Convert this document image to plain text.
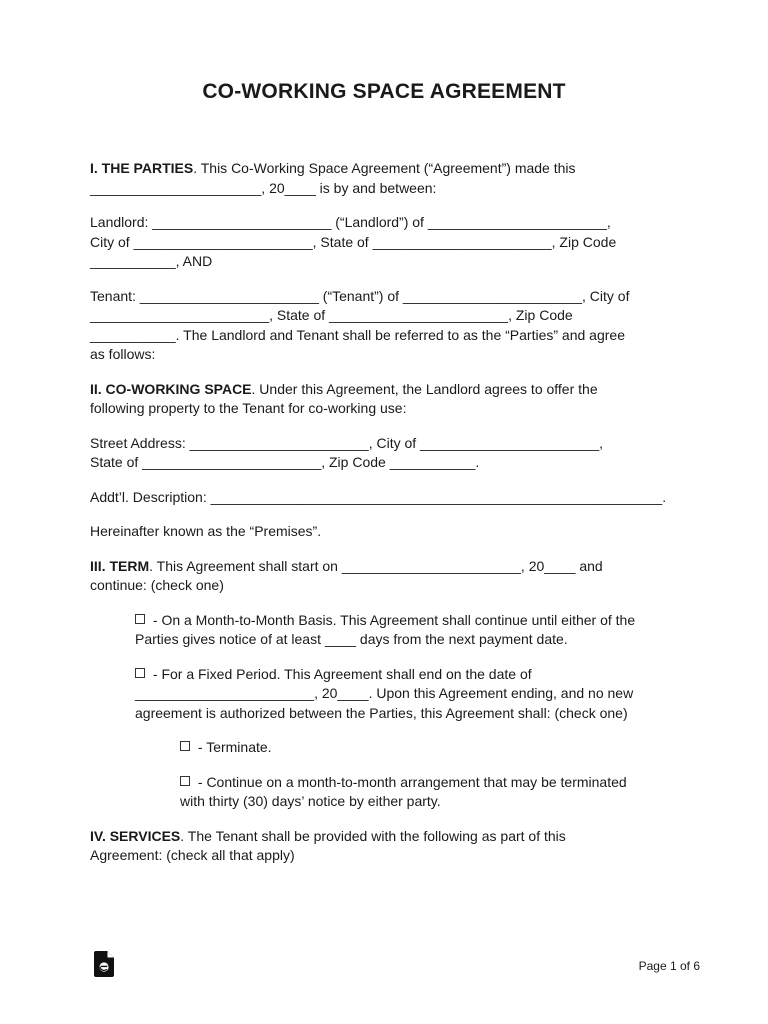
CO-WORKING SPACE AGREEMENT
I. THE PARTIES. This Co-Working Space Agreement (“Agreement”) made this
______________________, 20____ is by and between:
Landlord: _______________________ (“Landlord”) of _______________________,
City of _______________________, State of _______________________, Zip Code
___________, AND
Tenant: _______________________ (“Tenant”) of _______________________, City of
_______________________, State of _______________________, Zip Code
___________. The Landlord and Tenant shall be referred to as the “Parties” and agree
as follows:
II. CO-WORKING SPACE. Under this Agreement, the Landlord agrees to offer the
following property to the Tenant for co-working use:
Street Address: _______________________, City of _______________________,
State of _______________________, Zip Code ___________.
Addt’l. Description: __________________________________________________________.
Hereinafter known as the “Premises”.
III. TERM. This Agreement shall start on _______________________, 20____ and
continue: (check one)
- On a Month-to-Month Basis. This Agreement shall continue until either of the
Parties gives notice of at least ____ days from the next payment date.
- For a Fixed Period. This Agreement shall end on the date of
_______________________, 20____. Upon this Agreement ending, and no new
agreement is authorized between the Parties, this Agreement shall: (check one)
- Terminate.
- Continue on a month-to-month arrangement that may be terminated
with thirty (30) days’ notice by either party.
IV. SERVICES. The Tenant shall be provided with the following as part of this
Agreement: (check all that apply)
Page 1 of 6
